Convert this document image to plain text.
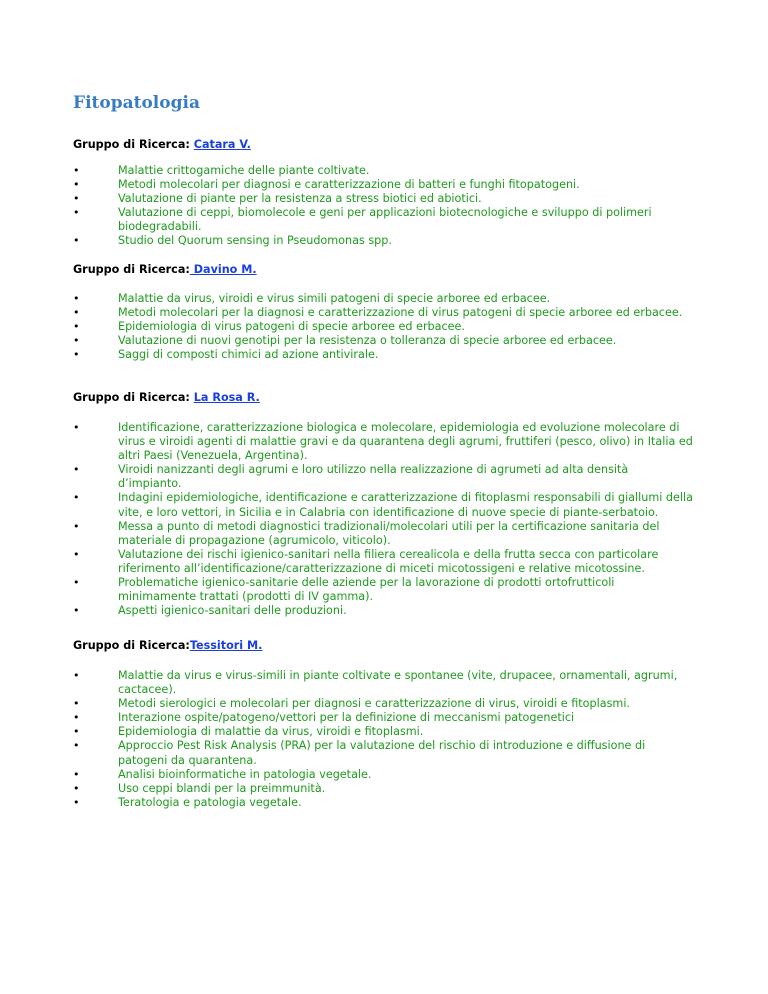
Fitopatologia

Gruppo di Ricerca: Catara V.

•	Malattie crittogamiche delle piante coltivate.
•	Metodi molecolari per diagnosi e caratterizzazione di batteri e funghi fitopatogeni.
•	Valutazione di piante per la resistenza a stress biotici ed abiotici.
•	Valutazione di ceppi, biomolecole e geni per applicazioni biotecnologiche e sviluppo di polimeri biodegradabili.
•	Studio del Quorum sensing in Pseudomonas spp.

Gruppo di Ricerca: Davino M.

•	Malattie da virus, viroidi e virus simili patogeni di specie arboree ed erbacee.
•	Metodi molecolari per la diagnosi e caratterizzazione di virus patogeni di specie arboree ed erbacee.
•	Epidemiologia di virus patogeni di specie arboree ed erbacee.
•	Valutazione di nuovi genotipi per la resistenza o tolleranza di specie arboree ed erbacee.
•	Saggi di composti chimici ad azione antivirale.

Gruppo di Ricerca: La Rosa R.

•	Identificazione, caratterizzazione biologica e molecolare, epidemiologia ed evoluzione molecolare di virus e viroidi agenti di malattie gravi e da quarantena degli agrumi, fruttiferi (pesco, olivo) in Italia ed altri Paesi (Venezuela, Argentina).
•	Viroidi nanizzanti degli agrumi e loro utilizzo nella realizzazione di agrumeti ad alta densità d’impianto.
•	Indagini epidemiologiche, identificazione e caratterizzazione di fitoplasmi responsabili di giallumi della vite, e loro vettori, in Sicilia e in Calabria con identificazione di nuove specie di piante-serbatoio.
•	Messa a punto di metodi diagnostici tradizionali/molecolari utili per la certificazione sanitaria del materiale di propagazione (agrumicolo, viticolo).
•	Valutazione dei rischi igienico-sanitari nella filiera cerealicola e della frutta secca con particolare riferimento all’identificazione/caratterizzazione di miceti micotossigeni e relative micotossine.
•	Problematiche igienico-sanitarie delle aziende per la lavorazione di prodotti ortofrutticoli minimamente trattati (prodotti di IV gamma).
•	Aspetti igienico-sanitari delle produzioni.

Gruppo di Ricerca:Tessitori M.

•	Malattie da virus e virus-simili in piante coltivate e spontanee (vite, drupacee, ornamentali, agrumi, cactacee).
•	Metodi sierologici e molecolari per diagnosi e caratterizzazione di virus, viroidi e fitoplasmi.
•	Interazione ospite/patogeno/vettori per la definizione di meccanismi patogenetici
•	Epidemiologia di malattie da virus, viroidi e fitoplasmi.
•	Approccio Pest Risk Analysis (PRA) per la valutazione del rischio di introduzione e diffusione di patogeni da quarantena.
•	Analisi bioinformatiche in patologia vegetale.
•	Uso ceppi blandi per la preimmunità.
•	Teratologia e patologia vegetale.
